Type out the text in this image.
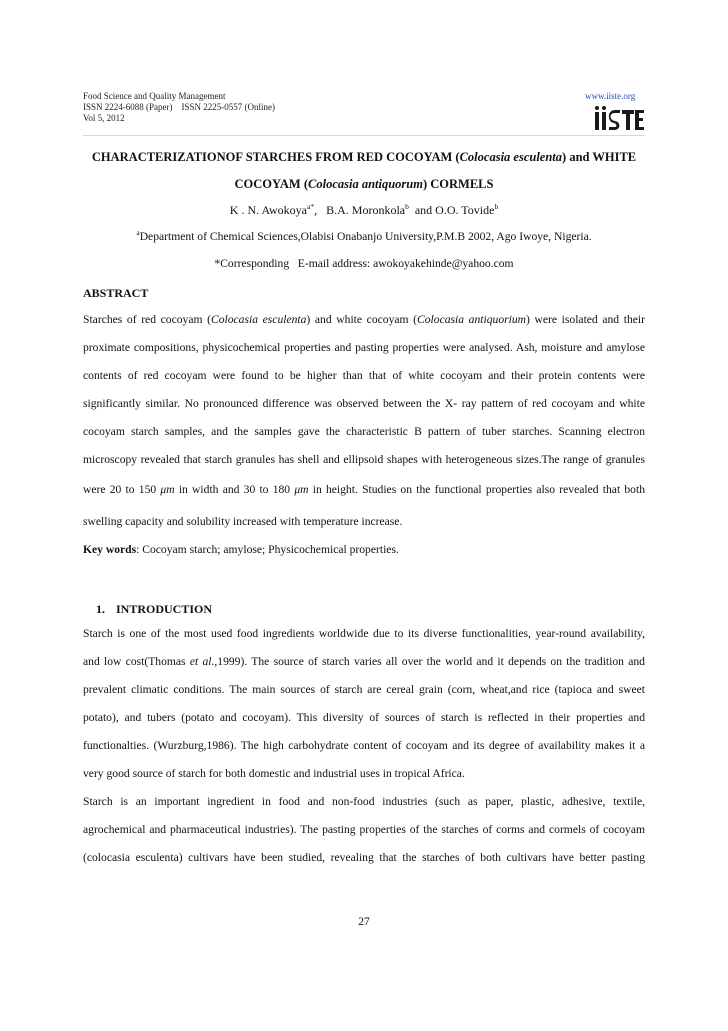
Food Science and Quality Management
ISSN 2224-6088 (Paper)    ISSN 2225-0557 (Online)
Vol 5, 2012
www.iiste.org
CHARACTERIZATIONOF STARCHES FROM RED COCOYAM (Colocasia esculenta) and WHITE
COCOYAM (Colocasia antiquorum) CORMELS
K . N. Awokoya$^{a*}$,   B.A. Moronkola$^b$  and O.O. Tovide$^b$
$^a$Department of Chemical Sciences,Olabisi Onabanjo University,P.M.B 2002, Ago Iwoye, Nigeria.
*Corresponding   E-mail address: awokoyakehinde@yahoo.com
ABSTRACT
Starches of red cocoyam (Colocasia esculenta) and white cocoyam (Colocasia antiquorium) were isolated and their
proximate compositions, physicochemical properties and pasting properties were analysed. Ash, moisture and amylose
contents of red cocoyam were found to be higher than that of white cocoyam and their protein contents were
significantly similar. No pronounced difference was observed between the X- ray pattern of red cocoyam and white
cocoyam starch samples, and the samples gave the characteristic B pattern of tuber starches. Scanning electron
microscopy revealed that starch granules has shell and ellipsoid shapes with heterogeneous sizes.The range of granules
were 20 to 150 μm in width and 30 to 180 μm in height. Studies on the functional properties also revealed that both
swelling capacity and solubility increased with temperature increase.
Key words: Cocoyam starch; amylose; Physicochemical properties.
1. INTRODUCTION
Starch is one of the most used food ingredients worldwide due to its diverse functionalities, year-round availability,
and low cost(Thomas et al.,1999). The source of starch varies all over the world and it depends on the tradition and
prevalent climatic conditions. The main sources of starch are cereal grain (corn, wheat,and rice (tapioca and sweet
potato), and tubers (potato and cocoyam). This diversity of sources of starch is reflected in their properties and
functionalties. (Wurzburg,1986). The high carbohydrate content of cocoyam and its degree of availability makes it a
very good source of starch for both domestic and industrial uses in tropical Africa.
Starch is an important ingredient in food and non-food industries (such as paper, plastic, adhesive, textile,
agrochemical and pharmaceutical industries). The pasting properties of the starches of corms and cormels of cocoyam
(colocasia esculenta) cultivars have been studied, revealing that the starches of both cultivars have better pasting
27
